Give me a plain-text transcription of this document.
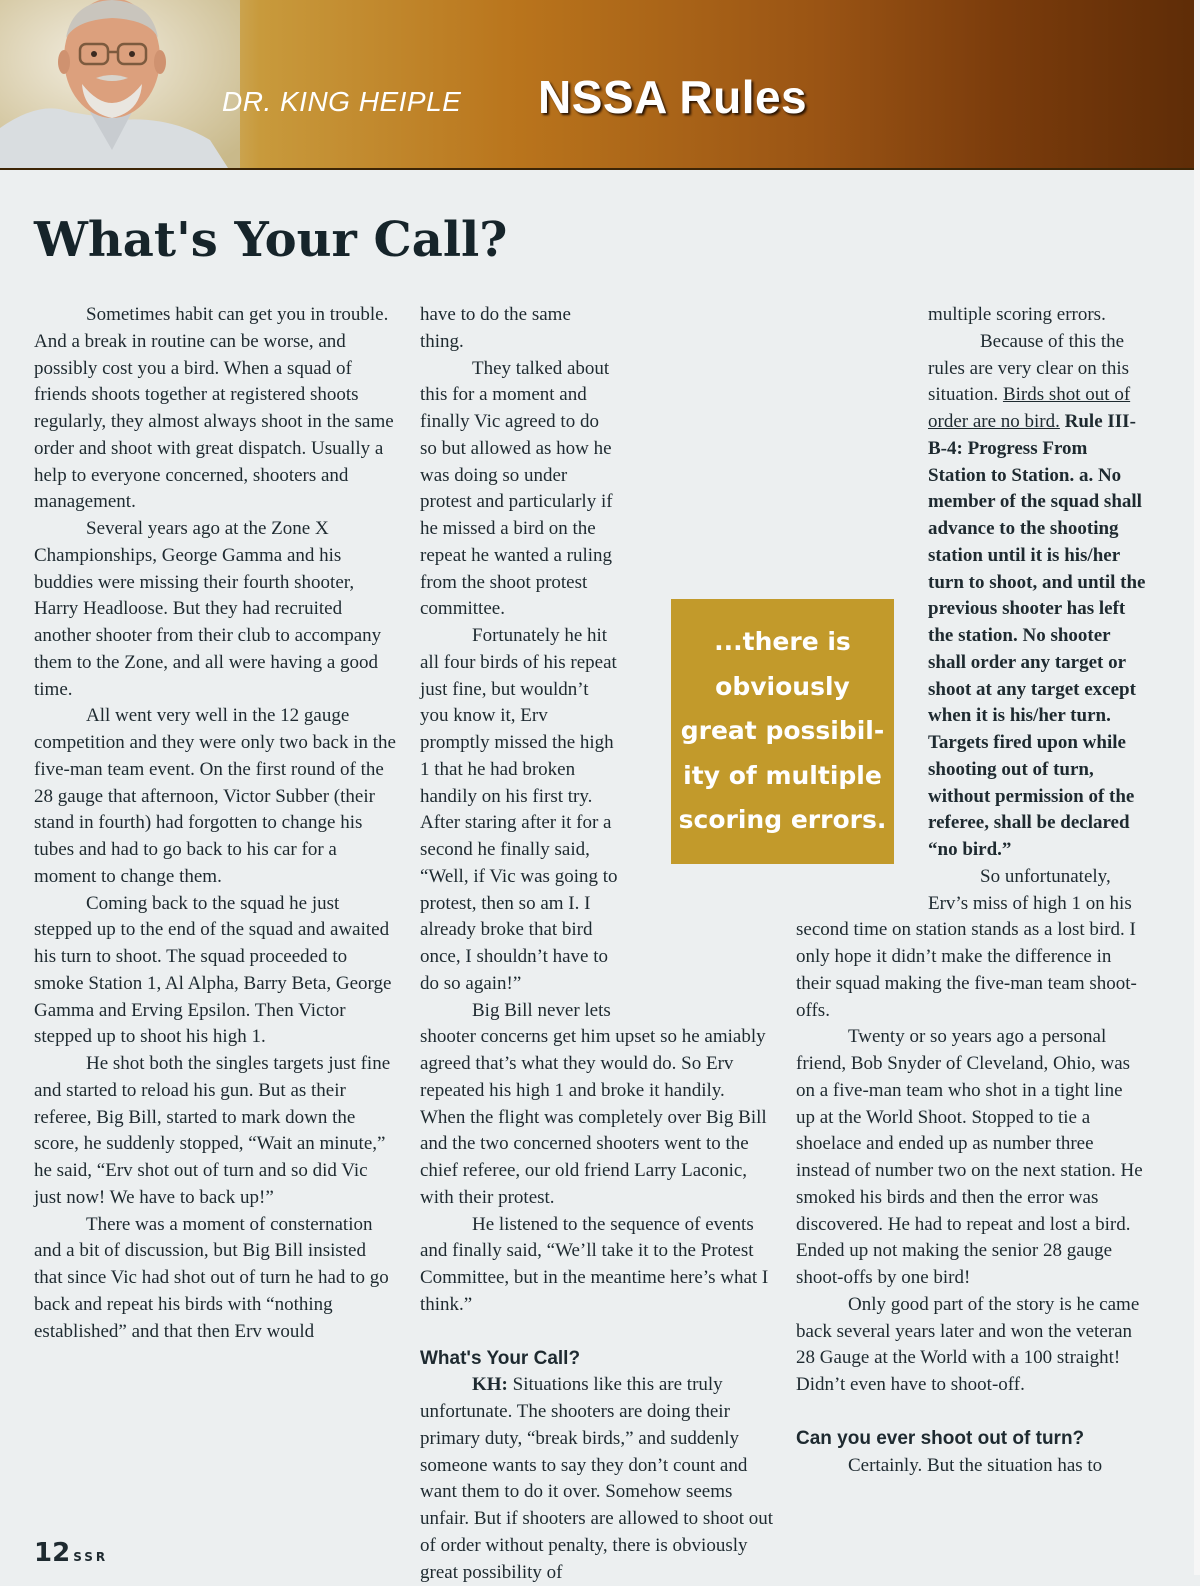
DR. KING HEIPLE NSSA Rules
What's Your Call?

Sometimes habit can get you in trouble. And a break in routine can be worse, and possibly cost you a bird. When a squad of friends shoots together at registered shoots regularly, they almost always shoot in the same order and shoot with great dispatch. Usually a help to everyone concerned, shooters and management.

Several years ago at the Zone X Championships, George Gamma and his buddies were missing their fourth shooter, Harry Headloose. But they had recruited another shooter from their club to accompany them to the Zone, and all were having a good time.

All went very well in the 12 gauge competition and they were only two back in the five-man team event. On the first round of the 28 gauge that afternoon, Victor Subber (their stand in fourth) had forgotten to change his tubes and had to go back to his car for a moment to change them.

Coming back to the squad he just stepped up to the end of the squad and awaited his turn to shoot. The squad proceeded to smoke Station 1, Al Alpha, Barry Beta, George Gamma and Erving Epsilon. Then Victor stepped up to shoot his high 1.

He shot both the singles targets just fine and started to reload his gun. But as their referee, Big Bill, started to mark down the score, he suddenly stopped, “Wait an minute,” he said, “Erv shot out of turn and so did Vic just now! We have to back up!”

There was a moment of consternation and a bit of discussion, but Big Bill insisted that since Vic had shot out of turn he had to go back and repeat his birds with “nothing established” and that then Erv would

have to do the same thing.

They talked about this for a moment and finally Vic agreed to do so but allowed as how he was doing so under protest and particularly if he missed a bird on the repeat he wanted a ruling from the shoot protest committee.

Fortunately he hit all four birds of his repeat just fine, but wouldn’t you know it, Erv promptly missed the high 1 that he had broken handily on his first try. After staring after it for a second he finally said, “Well, if Vic was going to protest, then so am I. I already broke that bird once, I shouldn’t have to do so again!”

Big Bill never lets shooter concerns get him upset so he amiably agreed that’s what they would do. So Erv repeated his high 1 and broke it handily. When the flight was completely over Big Bill and the two concerned shooters went to the chief referee, our old friend Larry Laconic, with their protest.

He listened to the sequence of events and finally said, “We’ll take it to the Protest Committee, but in the meantime here’s what I think.”

What's Your Call?

KH: Situations like this are truly unfortunate. The shooters are doing their primary duty, “break birds,” and suddenly someone wants to say they don’t count and want them to do it over. Somehow seems unfair. But if shooters are allowed to shoot out of order without penalty, there is obviously great possibility of

multiple scoring errors.

Because of this the rules are very clear on this situation. Birds shot out of order are no bird. Rule III-B-4: Progress From Station to Station. a. No member of the squad shall advance to the shooting station until it is his/her turn to shoot, and until the previous shooter has left the station. No shooter shall order any target or shoot at any target except when it is his/her turn. Targets fired upon while shooting out of turn, without permission of the referee, shall be declared “no bird.”

So unfortunately, Erv’s miss of high 1 on his second time on station stands as a lost bird. I only hope it didn’t make the difference in their squad making the five-man team shoot-offs.

Twenty or so years ago a personal friend, Bob Snyder of Cleveland, Ohio, was on a five-man team who shot in a tight line up at the World Shoot. Stopped to tie a shoelace and ended up as number three instead of number two on the next station. He smoked his birds and then the error was discovered. He had to repeat and lost a bird. Ended up not making the senior 28 gauge shoot-offs by one bird!

Only good part of the story is he came back several years later and won the veteran 28 Gauge at the World with a 100 straight! Didn’t even have to shoot-off.

Can you ever shoot out of turn?

Certainly. But the situation has to

...there is
obviously
great possibil-
ity of multiple
scoring errors.
12 SSR
